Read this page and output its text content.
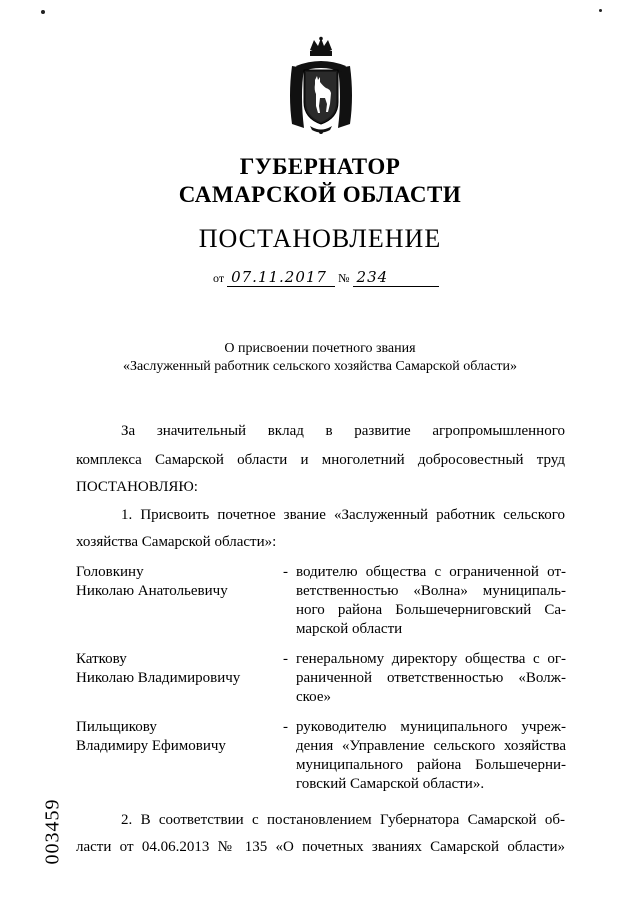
ГУБЕРНАТОР
САМАРСКОЙ ОБЛАСТИ
ПОСТАНОВЛЕНИЕ
от 07.11.2017 № 234
О присвоении почетного звания
«Заслуженный работник сельского хозяйства Самарской области»
За значительный вклад в развитие агропромышленного
комплекса Самарской области и многолетний добросовестный труд
ПОСТАНОВЛЯЮ:
1. Присвоить почетное звание «Заслуженный работник сельского
хозяйства Самарской области»:
Головкину
Николаю Анатольевичу
- водителю общества с ограниченной от-
ветственностью «Волна» муниципаль-
ного района Большечерниговский Са-
марской области
Каткову
Николаю Владимировичу
- генеральному директору общества с ог-
раниченной ответственностью «Волж-
ское»
Пильщикову
Владимиру Ефимовичу
- руководителю муниципального учреж-
дения «Управление сельского хозяйства
муниципального района Большечерни-
говский Самарской области».
2. В соответствии с постановлением Губернатора Самарской об-
ласти от 04.06.2013 № 135 «О почетных званиях Самарской области»
003459
